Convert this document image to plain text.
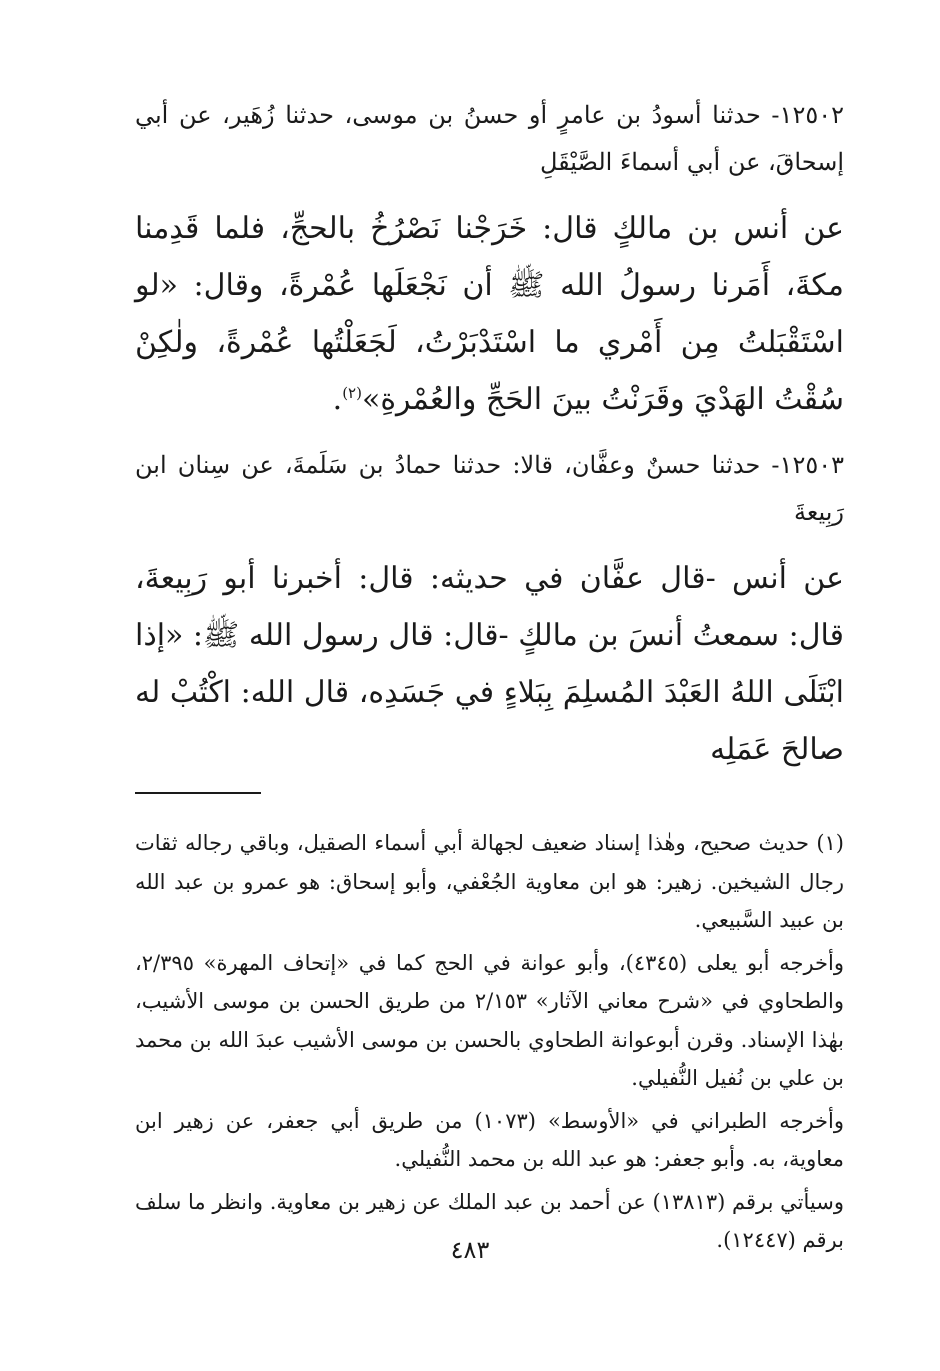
١٢٥٠٢- حدثنا أسودُ بن عامرٍ أو حسنُ بن موسى، حدثنا زُهَير، عن أبي إسحاقَ، عن أبي أسماءَ الصَّيْقَلِ

عن أنس بن مالكٍ قال: خَرَجْنا نَصْرُخُ بالحجِّ، فلما قَدِمنا مكةَ، أَمَرنا رسولُ الله ﷺ أن نَجْعَلَها عُمْرةً، وقال: «لو اسْتَقْبَلتُ مِن أَمْري ما اسْتَدْبَرْتُ، لَجَعَلْتُها عُمْرةً، ولٰكِنْ سُقْتُ الهَدْيَ وقَرَنْتُ بينَ الحَجِّ والعُمْرةِ»$^{(٢)}$.

١٢٥٠٣- حدثنا حسنٌ وعفَّان، قالا: حدثنا حمادُ بن سَلَمةَ، عن سِنان ابن رَبِيعةَ

عن أنس -قال عفَّان في حديثه: قال: أخبرنا أبو رَبِيعةَ، قال: سمعتُ أنسَ بن مالكٍ -قال: قال رسول الله ﷺ: «إذا ابْتَلَى اللهُ العَبْدَ المُسلِمَ بِبَلاءٍ في جَسَدِه، قال الله: اكْتُبْ له صالحَ عَمَلِه

(١) حديث صحيح، وهٰذا إسناد ضعيف لجهالة أبي أسماء الصقيل، وباقي رجاله ثقات رجال الشيخين. زهير: هو ابن معاوية الجُعْفي، وأبو إسحاق: هو عمرو بن عبد الله بن عبيد السَّبيعي.

وأخرجه أبو يعلى (٤٣٤٥)، وأبو عوانة في الحج كما في «إتحاف المهرة» ٢/٣٩٥، والطحاوي في «شرح معاني الآثار» ٢/١٥٣ من طريق الحسن بن موسى الأشيب، بهٰذا الإسناد. وقرن أبوعوانة الطحاوي بالحسن بن موسى الأشيب عبدَ الله بن محمد بن علي بن نُفيل النُّفيلي.

وأخرجه الطبراني في «الأوسط» (١٠٧٣) من طريق أبي جعفر، عن زهير ابن معاوية، به. وأبو جعفر: هو عبد الله بن محمد النُّفيلي.

وسيأتي برقم (١٣٨١٣) عن أحمد بن عبد الملك عن زهير بن معاوية. وانظر ما سلف برقم (١٢٤٤٧).

٤٨٣
